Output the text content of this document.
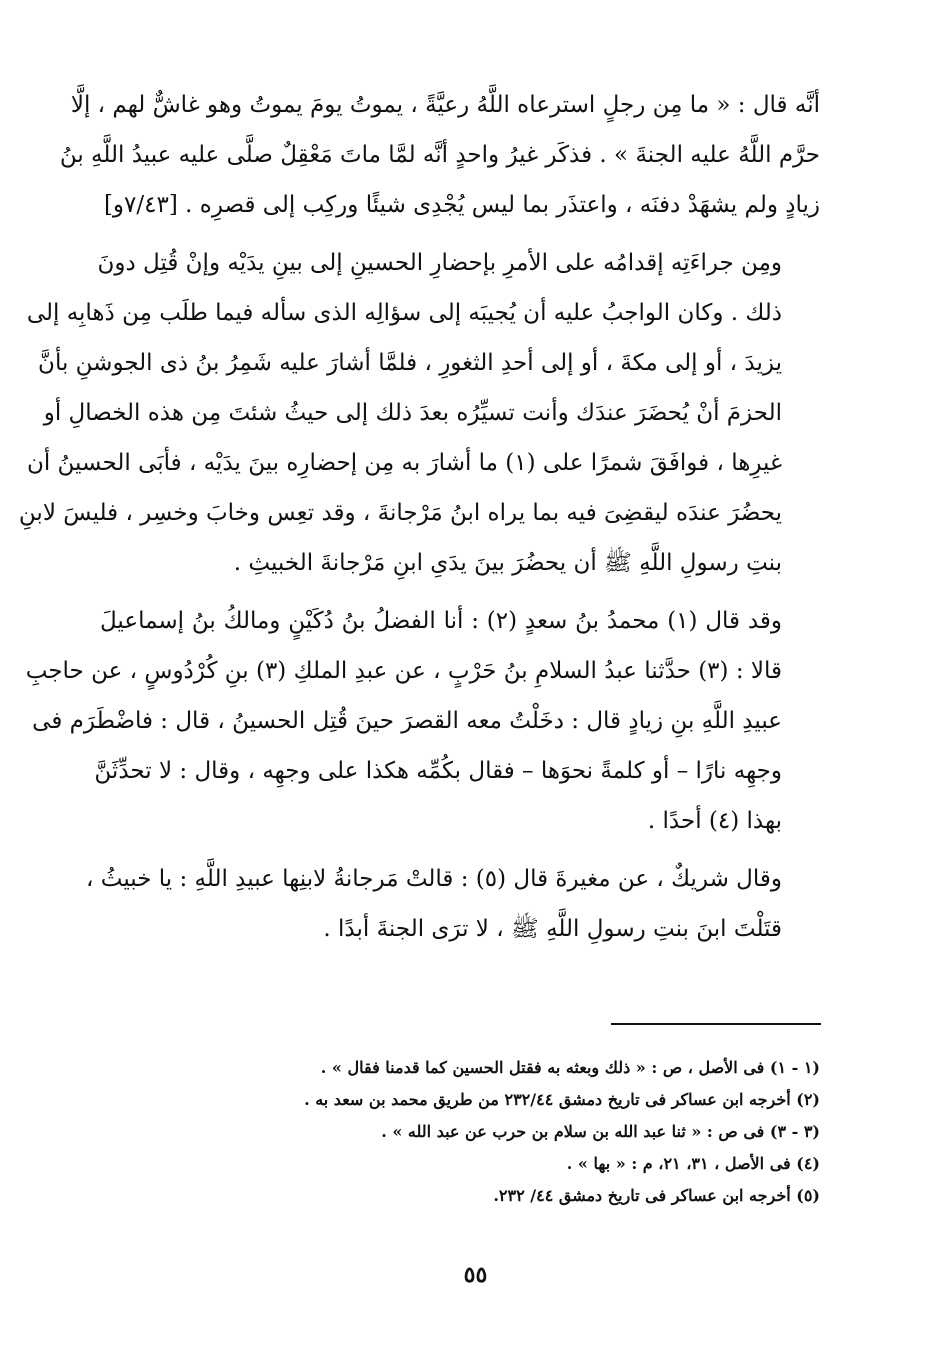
أنَّه قال : « ما مِن رجلٍ استرعاه اللَّهُ رعيَّةً ، يموتُ يومَ يموتُ وهو غاشٌّ لهم ، إلَّا
حرَّم اللَّهُ عليه الجنةَ » . فذكَر غيرُ واحدٍ أنَّه لمَّا ماتَ مَعْقِلٌ صلَّى عليه عبيدُ اللَّهِ بنُ
زيادٍ ولم يشهَدْ دفنَه ، واعتذَر بما ليس يُجْدِى شيئًا وركِب إلى قصرِه . [٧/٤٣و]

ومِن جراءَتِه إقدامُه على الأمرِ بإحضارِ الحسينِ إلى بينِ يدَيْه وإنْ قُتِل دونَ
ذلك . وكان الواجبُ عليه أن يُجيبَه إلى سؤالِه الذى سأله فيما طلَب مِن ذَهابِه إلى
يزيدَ ، أو إلى مكةَ ، أو إلى أحدِ الثغورِ ، فلمَّا أشارَ عليه شَمِرُ بنُ ذى الجوشنِ بأنَّ
الحزمَ أنْ يُحضَرَ عندَك وأنت تسيِّرُه بعدَ ذلك إلى حيثُ شئتَ مِن هذه الخصالِ أو
غيرِها ، فوافَقَ شمرًا على (١) ما أشارَ به مِن إحضارِه بينَ يدَيْه ، فأبَى الحسينُ أن
يحضُرَ عندَه ليقضِىَ فيه بما يراه ابنُ مَرْجانةَ ، وقد تعِس وخابَ وخسِر ، فليسَ لابنِ
بنتِ رسولِ اللَّهِ ﷺ أن يحضُرَ بينَ يدَىِ ابنِ مَرْجانةَ الخبيثِ .

وقد قال (١) محمدُ بنُ سعدٍ (٢) : أنا الفضلُ بنُ دُكَيْنٍ ومالكُ بنُ إسماعيلَ
قالا : (٣) حدَّثنا عبدُ السلامِ بنُ حَرْبٍ ، عن عبدِ الملكِ (٣) بنِ كُرْدُوسٍ ، عن حاجبِ
عبيدِ اللَّهِ بنِ زيادٍ قال : دخَلْتُ معه القصرَ حينَ قُتِل الحسينُ ، قال : فاضْطَرَم فى
وجهِه نارًا – أو كلمةً نحوَها – فقال بكُمِّه هكذا على وجهِه ، وقال : لا تحدِّثَنَّ
بهذا (٤) أحدًا .

وقال شريكٌ ، عن مغيرةَ قال (٥) : قالتْ مَرجانةُ لابنِها عبيدِ اللَّهِ : يا خبيثُ ،
قتَلْتَ ابنَ بنتِ رسولِ اللَّهِ ﷺ ، لا ترَى الجنةَ أبدًا .

(١ - ١) فى الأصل ، ص : « ذلك وبعثه به فقتل الحسين كما قدمنا فقال » .
(٢) أخرجه ابن عساكر فى تاريخ دمشق ٢٣٢/٤٤ من طريق محمد بن سعد به .
(٣ - ٣) فى ص : « ثنا عبد الله بن سلام بن حرب عن عبد الله » .
(٤) فى الأصل ، ٣١، ٢١، م : « بها » .
(٥) أخرجه ابن عساكر فى تاريخ دمشق ٤٤/ ٢٣٢.
٥٥
